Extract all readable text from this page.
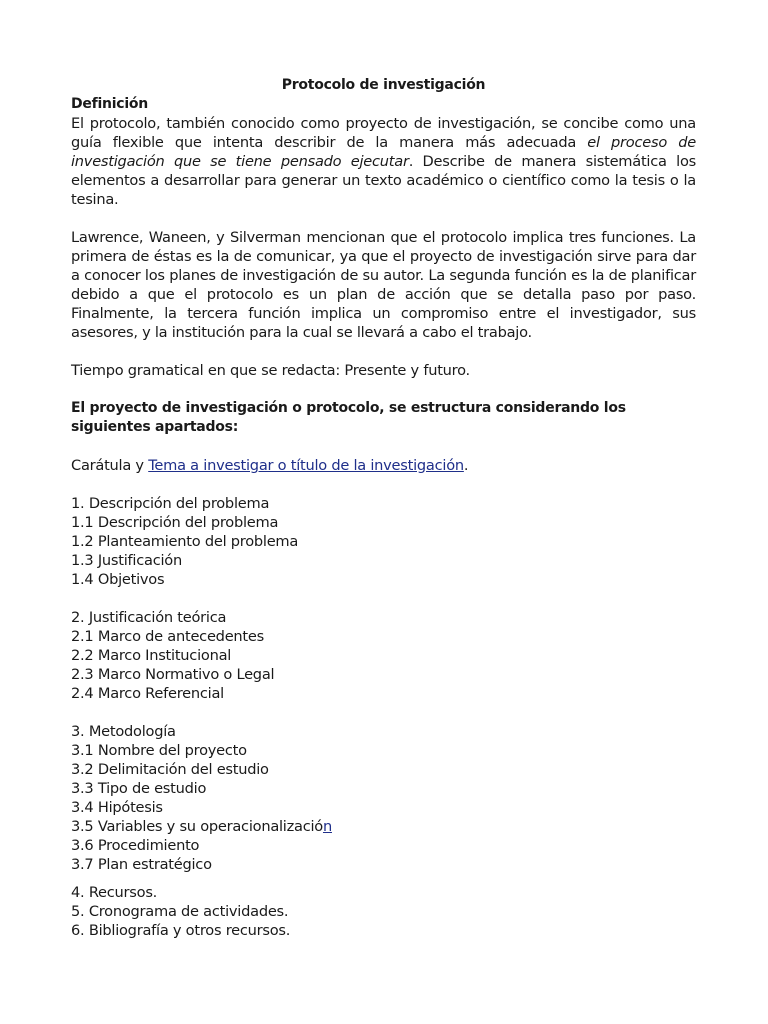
Protocolo de investigación

Definición

El protocolo, también conocido como proyecto de investigación, se concibe como una guía flexible que intenta describir de la manera más adecuada el proceso de investigación que se tiene pensado ejecutar. Describe de manera sistemática los elementos a desarrollar para generar un texto académico o científico como la tesis o la tesina.

Lawrence, Waneen, y Silverman mencionan que el protocolo implica tres funciones. La primera de éstas es la de comunicar, ya que el proyecto de investigación sirve para dar a conocer los planes de investigación de su autor. La segunda función es la de planificar debido a que el protocolo es un plan de acción que se detalla paso por paso. Finalmente, la tercera función implica un compromiso entre el investigador, sus asesores, y la institución para la cual se llevará a cabo el trabajo.

Tiempo gramatical en que se redacta: Presente y futuro.

El proyecto de investigación o protocolo, se estructura considerando los siguientes apartados:

Carátula y Tema a investigar o título de la investigación.

1. Descripción del problema
1.1 Descripción del problema
1.2 Planteamiento del problema
1.3 Justificación
1.4 Objetivos
2. Justificación teórica
2.1 Marco de antecedentes
2.2 Marco Institucional
2.3 Marco Normativo o Legal
2.4 Marco Referencial
3. Metodología
3.1 Nombre del proyecto
3.2 Delimitación del estudio
3.3 Tipo de estudio
3.4 Hipótesis
3.5 Variables y su operacionalización
3.6 Procedimiento
3.7 Plan estratégico
4. Recursos.
5. Cronograma de actividades.
6. Bibliografía y otros recursos.
